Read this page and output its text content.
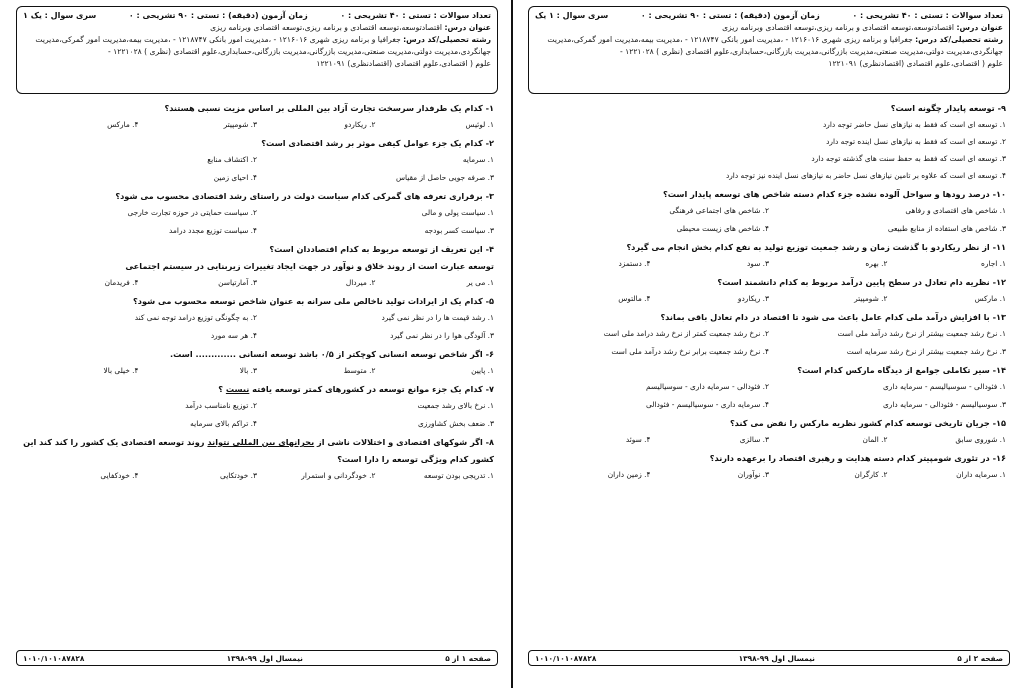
تعداد سوالات : تستی : ۴۰ تشریحی : ۰
زمان آزمون (دقیقه) : تستی : ۹۰ تشریحی : ۰
سری سوال : یک ۱
عنوان درس: اقتصادتوسعه،توسعه اقتصادی و برنامه ریزی،توسعه اقتصادی وبرنامه ریزی
رشته تحصیلی/کد درس: جغرافیا و برنامه ریزی شهری ۱۲۱۶۰۱۶ - ،مدیریت امور بانکی ۱۲۱۸۷۴۷ - ،مدیریت بیمه،مدیریت امور گمرکی،مدیریت
جهانگردی،مدیریت دولتی،مدیریت صنعتی،مدیریت بازرگانی،مدیریت بازرگانی،حسابداری،علوم اقتصادی (نظری ) ۱۲۲۱۰۲۸ -
علوم ( اقتصادی،علوم اقتصادی (اقتصادنظری) ۱۲۲۱۰۹۱
۱- کدام یک طرفدار سرسخت تجارت آزاد بین المللی بر اساس مزیت نسبی هستند؟
۱. لوئیس
۲. ریکاردو
۳. شومپیتر
۴. مارکس
۲- کدام یک جزء عوامل کیفی موثر بر رشد اقتصادی است؟
۱. سرمایه
۲. اکتشاف منابع
۳. صرفه جویی حاصل از مقیاس
۴. احیای زمین
۳- برقراری تعرفه های گمرکی کدام سیاست دولت در راستای رشد اقتصادی محسوب می شود؟
۱. سیاست پولی و مالی
۲. سیاست حمایتی در حوزه تجارت خارجی
۳. سیاست کسر بودجه
۴. سیاست توزیع مجدد درامد
۴- این تعریف از توسعه مربوط به کدام اقتصاددان است؟
توسعه عبارت است از روند خلاق و نوآور در جهت ایجاد تغییرات زیربنایی در سیستم اجتماعی
۱. می یر
۲. میردال
۳. آمارتیاسن
۴. فریدمان
۵- کدام یک از ایرادات تولید ناخالص ملی سرانه به عنوان شاخص توسعه محسوب می شود؟
۱. رشد قیمت ها را در نظر نمی گیرد
۲. به چگونگی توزیع درامد توجه نمی کند
۳. آلودگی هوا را در نظر نمی گیرد
۴. هر سه مورد
۶- اگر شاخص توسعه انسانی کوچکتر از ۰/۵ باشد توسعه انسانی ............. است.
۱. پایین
۲. متوسط
۳. بالا
۴. خیلی بالا
۷- کدام یک جزء موانع توسعه در کشورهای کمتر توسعه یافته نیست ؟
۱. نرخ بالای رشد جمعیت
۲. توزیع نامناسب درآمد
۳. ضعف بخش کشاورزی
۴. تراکم بالای سرمایه
۸- اگر شوکهای اقتصادی و اختلالات ناشی از بحرانهای بین المللی نتواند روند توسعه اقتصادی یک کشور را کند کند این
کشور کدام ویژگی توسعه را دارا است؟
۱. تدریجی بودن توسعه
۲. خودگردانی و استمرار
۳. خودتکایی
۴. خودکفایی
صفحه ۱ از ۵
نیمسال اول ۹۹-۱۳۹۸
۱۰۱۰/۱۰۱۰۸۷۸۲۸
تعداد سوالات : تستی : ۴۰ تشریحی : ۰
زمان آزمون (دقیقه) : تستی : ۹۰ تشریحی : ۰
سری سوال : ۱ یک
عنوان درس: اقتصادتوسعه،توسعه اقتصادی و برنامه ریزی،توسعه اقتصادی وبرنامه ریزی
رشته تحصیلی/کد درس: جغرافیا و برنامه ریزی شهری ۱۲۱۶۰۱۶ - ،مدیریت امور بانکی ۱۲۱۸۷۴۷ - ،مدیریت بیمه،مدیریت امور گمرکی،مدیریت
جهانگردی،مدیریت دولتی،مدیریت صنعتی،مدیریت بازرگانی،مدیریت بازرگانی،حسابداری،علوم اقتصادی (نظری ) ۱۲۲۱۰۲۸ -
علوم ( اقتصادی،علوم اقتصادی (اقتصادنظری) ۱۲۲۱۰۹۱
۹- توسعه پایدار چگونه است؟
۱. توسعه ای است که فقط به نیازهای نسل حاضر توجه دارد
۲. توسعه ای است که فقط به نیازهای نسل اینده توجه دارد
۳. توسعه ای است که فقط به حفظ سنت های گذشته توجه دارد
۴. توسعه ای است که علاوه بر تامین نیازهای نسل حاضر به نیازهای نسل اینده نیز توجه دارد
۱۰- درصد رودها و سواحل آلوده نشده جزء کدام دسته شاخص های توسعه پایدار است؟
۱. شاخص های اقتصادی و رفاهی
۲. شاخص های اجتماعی فرهنگی
۳. شاخص های استفاده از منابع طبیعی
۴. شاخص های زیست محیطی
۱۱- از نظر ریکاردو با گذشت زمان و رشد جمعیت توزیع تولید به نفع کدام بخش انجام می گیرد؟
۱. اجاره
۲. بهره
۳. سود
۴. دستمزد
۱۲- نظریه دام تعادل در سطح پایین درآمد مربوط به کدام دانشمند است؟
۱. مارکس
۲. شومپیتر
۳. ریکاردو
۴. مالتوس
۱۳- با افزایش درآمد ملی کدام عامل باعث می شود تا اقتصاد در دام تعادل باقی بماند؟
۱. نرخ رشد جمعیت بیشتر از نرخ رشد درآمد ملی است
۲. نرخ رشد جمعیت کمتر از نرخ رشد درامد ملی است
۳. نرخ رشد جمعیت بیشتر از نرخ رشد سرمایه است
۴. نرخ رشد جمعیت برابر نرخ رشد درآمد ملی است
۱۴- سیر تکاملی جوامع از دیدگاه مارکس کدام است؟
۱. فئودالی - سوسیالیسم - سرمایه داری
۲. فئودالی - سرمایه داری - سوسیالیسم
۳. سوسیالیسم - فئودالی - سرمایه داری
۴. سرمایه داری - سوسیالیسم - فئودالی
۱۵- جریان تاریخی توسعه کدام کشور نظریه مارکس را نقض می کند؟
۱. شوروی سابق
۲. المان
۳. سالزی
۴. سوئد
۱۶- در تئوری شومپیتر کدام دسته هدایت و رهبری اقتصاد را برعهده دارند؟
۱. سرمایه داران
۲. کارگران
۳. نوآوران
۴. زمین داران
صفحه ۲ از ۵
نیمسال اول ۹۹-۱۳۹۸
۱۰۱۰/۱۰۱۰۸۷۸۲۸
